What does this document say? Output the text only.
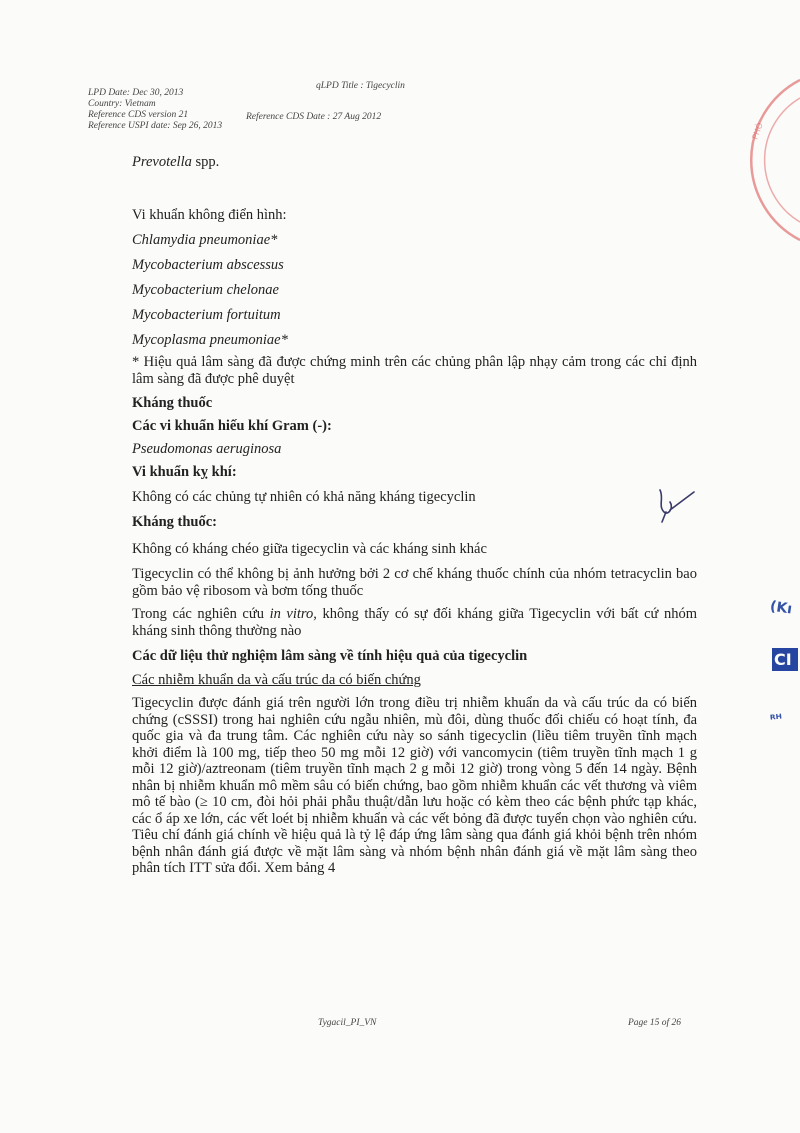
qLPD Title : Tigecyclin
LPD Date: Dec 30, 2013
Country: Vietnam
Reference CDS version 21
Reference USPI date: Sep 26, 2013
Reference CDS Date : 27 Aug 2012

Prevotella spp.

Vi khuẩn không điển hình:

Chlamydia pneumoniae*

Mycobacterium abscessus

Mycobacterium chelonae

Mycobacterium fortuitum

Mycoplasma pneumoniae*

* Hiệu quả lâm sàng đã được chứng minh trên các chủng phân lập nhạy cảm trong các chỉ định lâm sàng đã được phê duyệt

Kháng thuốc

Các vi khuẩn hiếu khí Gram (-):

Pseudomonas aeruginosa

Vi khuẩn kỵ khí:

Không có các chủng tự nhiên có khả năng kháng tigecyclin

Kháng thuốc:

Không có kháng chéo giữa tigecyclin và các kháng sinh khác

Tigecyclin có thể không bị ảnh hưởng bởi 2 cơ chế kháng thuốc chính của nhóm tetracyclin bao gồm bảo vệ ribosom và bơm tống thuốc

Trong các nghiên cứu in vitro, không thấy có sự đối kháng giữa Tigecyclin với bất cứ nhóm kháng sinh thông thường nào

Các dữ liệu thử nghiệm lâm sàng về tính hiệu quả của tigecyclin

Các nhiễm khuẩn da và cấu trúc da có biến chứng

Tigecyclin được đánh giá trên người lớn trong điều trị nhiễm khuẩn da và cấu trúc da có biến chứng (cSSSI) trong hai nghiên cứu ngẫu nhiên, mù đôi, dùng thuốc đối chiếu có hoạt tính, đa quốc gia và đa trung tâm. Các nghiên cứu này so sánh tigecyclin (liều tiêm truyền tĩnh mạch khởi điểm là 100 mg, tiếp theo 50 mg mỗi 12 giờ) với vancomycin (tiêm truyền tĩnh mạch 1 g mỗi 12 giờ)/aztreonam (tiêm truyền tĩnh mạch 2 g mỗi 12 giờ) trong vòng 5 đến 14 ngày. Bệnh nhân bị nhiễm khuẩn mô mềm sâu có biến chứng, bao gồm nhiễm khuẩn các vết thương và viêm mô tế bào (≥ 10 cm, đòi hỏi phải phẫu thuật/dẫn lưu hoặc có kèm theo các bệnh phức tạp khác, các ổ áp xe lớn, các vết loét bị nhiễm khuẩn và các vết bỏng đã được tuyển chọn vào nghiên cứu. Tiêu chí đánh giá chính về hiệu quả là tỷ lệ đáp ứng lâm sàng qua đánh giá khỏi bệnh trên nhóm bệnh nhân đánh giá được về mặt lâm sàng và nhóm bệnh nhân đánh giá về mặt lâm sàng theo phân tích ITT sửa đổi. Xem bảng 4

Tygacil_PI_VN	Page 15 of 26
PHÒ
(Kı
CI
ᴿᴴ
